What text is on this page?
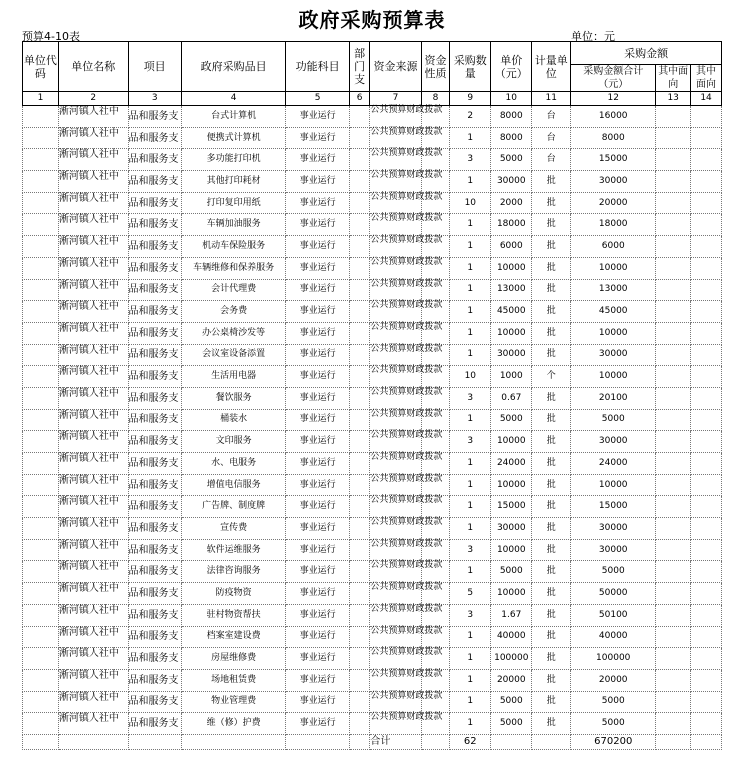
政府采购预算表
预算4-10表	单位：元
单位代码	单位名称	项目	政府采购品目	功能科目	部门支	资金来源	资金性质	采购数量	单价（元）	计量单位	采购金额		
											采购金额合计（元）	其中面向	其中面向
1	2	3	4	5	6	7	8	9	10	11	12	13	14
	淅河镇人社中	品和服务支	台式计算机	事业运行		公共预算财政拨款		2	8000	台	16000		
	淅河镇人社中	品和服务支	便携式计算机	事业运行		公共预算财政拨款		1	8000	台	8000		
	淅河镇人社中	品和服务支	多功能打印机	事业运行		公共预算财政拨款		3	5000	台	15000		
	淅河镇人社中	品和服务支	其他打印耗材	事业运行		公共预算财政拨款		1	30000	批	30000		
	淅河镇人社中	品和服务支	打印复印用纸	事业运行		公共预算财政拨款		10	2000	批	20000		
	淅河镇人社中	品和服务支	车辆加油服务	事业运行		公共预算财政拨款		1	18000	批	18000		
	淅河镇人社中	品和服务支	机动车保险服务	事业运行		公共预算财政拨款		1	6000	批	6000		
	淅河镇人社中	品和服务支	车辆维修和保养服务	事业运行		公共预算财政拨款		1	10000	批	10000		
	淅河镇人社中	品和服务支	会计代理费	事业运行		公共预算财政拨款		1	13000	批	13000		
	淅河镇人社中	品和服务支	会务费	事业运行		公共预算财政拨款		1	45000	批	45000		
	淅河镇人社中	品和服务支	办公桌椅沙发等	事业运行		公共预算财政拨款		1	10000	批	10000		
	淅河镇人社中	品和服务支	会议室设备添置	事业运行		公共预算财政拨款		1	30000	批	30000		
	淅河镇人社中	品和服务支	生活用电器	事业运行		公共预算财政拨款		10	1000	个	10000		
	淅河镇人社中	品和服务支	餐饮服务	事业运行		公共预算财政拨款		3	0.67	批	20100		
	淅河镇人社中	品和服务支	桶装水	事业运行		公共预算财政拨款		1	5000	批	5000		
	淅河镇人社中	品和服务支	文印服务	事业运行		公共预算财政拨款		3	10000	批	30000		
	淅河镇人社中	品和服务支	水、电服务	事业运行		公共预算财政拨款		1	24000	批	24000		
	淅河镇人社中	品和服务支	增值电信服务	事业运行		公共预算财政拨款		1	10000	批	10000		
	淅河镇人社中	品和服务支	广告牌、制度牌	事业运行		公共预算财政拨款		1	15000	批	15000		
	淅河镇人社中	品和服务支	宣传费	事业运行		公共预算财政拨款		1	30000	批	30000		
	淅河镇人社中	品和服务支	软件运维服务	事业运行		公共预算财政拨款		3	10000	批	30000		
	淅河镇人社中	品和服务支	法律咨询服务	事业运行		公共预算财政拨款		1	5000	批	5000		
	淅河镇人社中	品和服务支	防疫物资	事业运行		公共预算财政拨款		5	10000	批	50000		
	淅河镇人社中	品和服务支	驻村物资帮扶	事业运行		公共预算财政拨款		3	1.67	批	50100		
	淅河镇人社中	品和服务支	档案室建设费	事业运行		公共预算财政拨款		1	40000	批	40000		
	淅河镇人社中	品和服务支	房屋维修费	事业运行		公共预算财政拨款		1	100000	批	100000		
	淅河镇人社中	品和服务支	场地租赁费	事业运行		公共预算财政拨款		1	20000	批	20000		
	淅河镇人社中	品和服务支	物业管理费	事业运行		公共预算财政拨款		1	5000	批	5000		
	淅河镇人社中	品和服务支	维（修）护费	事业运行		公共预算财政拨款		1	5000	批	5000		
						合计		62			670200		
